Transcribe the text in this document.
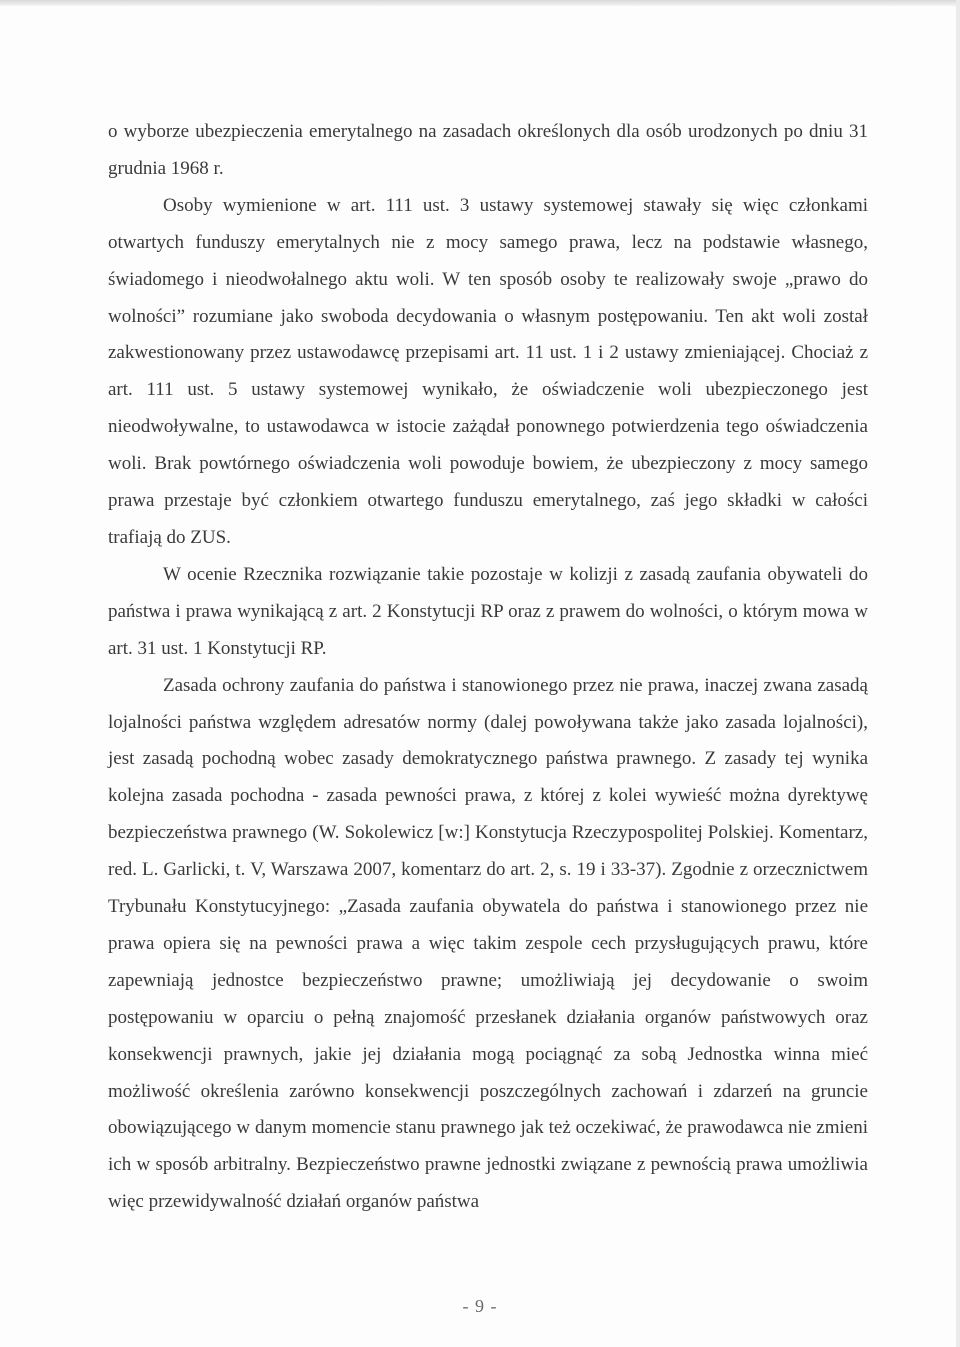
o wyborze ubezpieczenia emerytalnego na zasadach określonych dla osób urodzonych po dniu 31 grudnia 1968 r.

Osoby wymienione w art. 111 ust. 3 ustawy systemowej stawały się więc członkami otwartych funduszy emerytalnych nie z mocy samego prawa, lecz na podstawie własnego, świadomego i nieodwołalnego aktu woli. W ten sposób osoby te realizowały swoje „prawo do wolności” rozumiane jako swoboda decydowania o własnym postępowaniu. Ten akt woli został zakwestionowany przez ustawodawcę przepisami art. 11 ust. 1 i 2 ustawy zmieniającej. Chociaż z art. 111 ust. 5 ustawy systemowej wynikało, że oświadczenie woli ubezpieczonego jest nieodwoływalne, to ustawodawca w istocie zażądał ponownego potwierdzenia tego oświadczenia woli. Brak powtórnego oświadczenia woli powoduje bowiem, że ubezpieczony z mocy samego prawa przestaje być członkiem otwartego funduszu emerytalnego, zaś jego składki w całości trafiają do ZUS.

W ocenie Rzecznika rozwiązanie takie pozostaje w kolizji z zasadą zaufania obywateli do państwa i prawa wynikającą z art. 2 Konstytucji RP oraz z prawem do wolności, o którym mowa w art. 31 ust. 1 Konstytucji RP.

Zasada ochrony zaufania do państwa i stanowionego przez nie prawa, inaczej zwana zasadą lojalności państwa względem adresatów normy (dalej powoływana także jako zasada lojalności), jest zasadą pochodną wobec zasady demokratycznego państwa prawnego. Z zasady tej wynika kolejna zasada pochodna - zasada pewności prawa, z której z kolei wywieść można dyrektywę bezpieczeństwa prawnego (W. Sokolewicz [w:] Konstytucja Rzeczypospolitej Polskiej. Komentarz, red. L. Garlicki, t. V, Warszawa 2007, komentarz do art. 2, s. 19 i 33-37). Zgodnie z orzecznictwem Trybunału Konstytucyjnego: „Zasada zaufania obywatela do państwa i stanowionego przez nie prawa opiera się na pewności prawa a więc takim zespole cech przysługujących prawu, które zapewniają jednostce bezpieczeństwo prawne; umożliwiają jej decydowanie o swoim postępowaniu w oparciu o pełną znajomość przesłanek działania organów państwowych oraz konsekwencji prawnych, jakie jej działania mogą pociągnąć za sobą Jednostka winna mieć możliwość określenia zarówno konsekwencji poszczególnych zachowań i zdarzeń na gruncie obowiązującego w danym momencie stanu prawnego jak też oczekiwać, że prawodawca nie zmieni ich w sposób arbitralny. Bezpieczeństwo prawne jednostki związane z pewnością prawa umożliwia więc przewidywalność działań organów państwa

- 9 -
